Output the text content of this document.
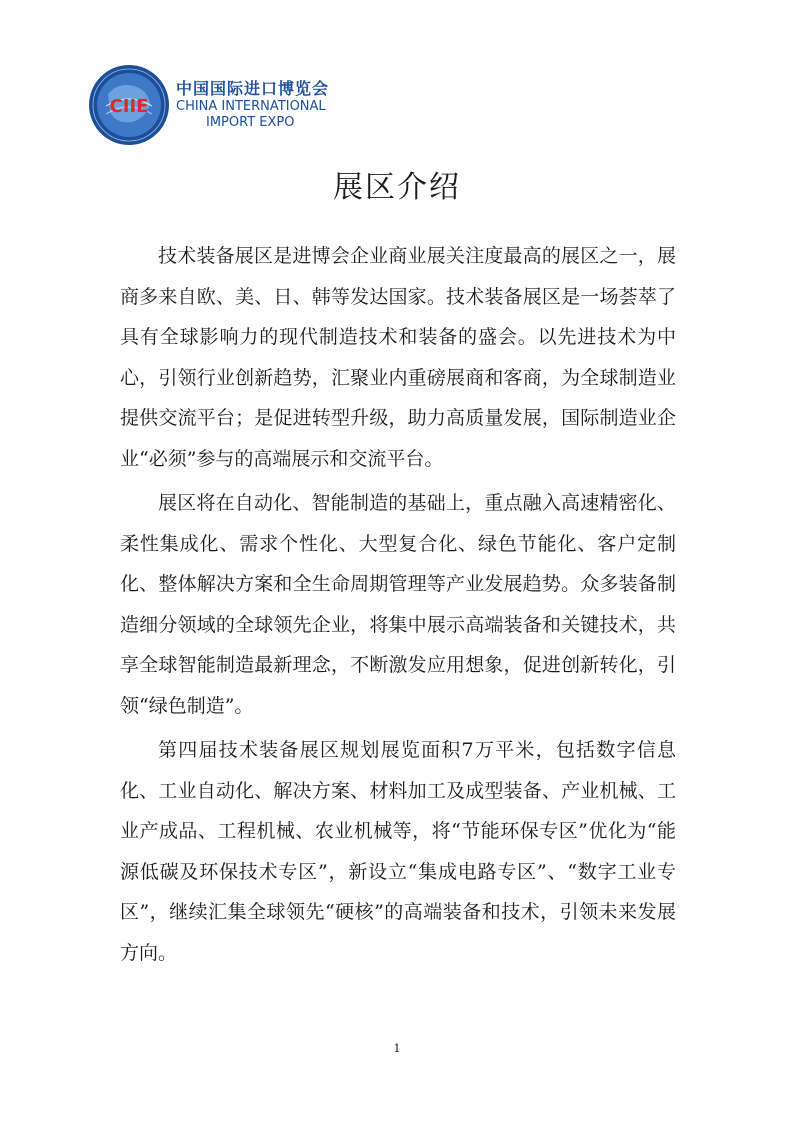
CIIE
中国国际进口博览会
CHINA INTERNATIONAL
IMPORT EXPO
展区介绍

技术装备展区是进博会企业商业展关注度最高的展区之一，展商多来自欧、美、日、韩等发达国家。技术装备展区是一场荟萃了具有全球影响力的现代制造技术和装备的盛会。以先进技术为中心，引领行业创新趋势，汇聚业内重磅展商和客商，为全球制造业提供交流平台；是促进转型升级，助力高质量发展，国际制造业企业“必须”参与的高端展示和交流平台。

展区将在自动化、智能制造的基础上，重点融入高速精密化、柔性集成化、需求个性化、大型复合化、绿色节能化、客户定制化、整体解决方案和全生命周期管理等产业发展趋势。众多装备制造细分领域的全球领先企业，将集中展示高端装备和关键技术，共享全球智能制造最新理念，不断激发应用想象，促进创新转化，引领“绿色制造”。

第四届技术装备展区规划展览面积7万平米，包括数字信息化、工业自动化、解决方案、材料加工及成型装备、产业机械、工业产成品、工程机械、农业机械等，将“节能环保专区”优化为“能源低碳及环保技术专区”，新设立“集成电路专区”、“数字工业专区”，继续汇集全球领先“硬核”的高端装备和技术，引领未来发展方向。

1
